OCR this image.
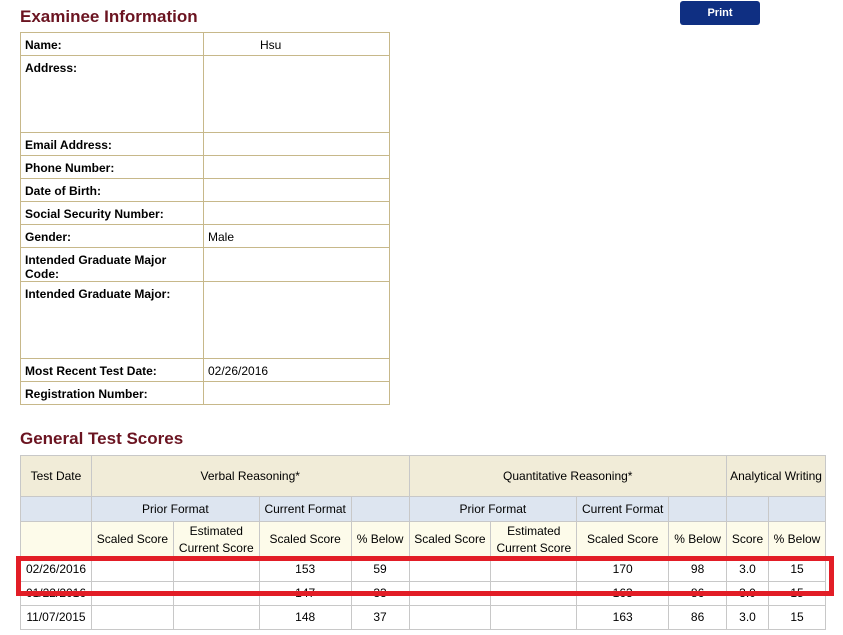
Examinee Information	Print
Name:	Hsu
Address:	
Email Address:	
Phone Number:	
Date of Birth:	
Social Security Number:	
Gender:	Male
Intended Graduate Major Code:	
Intended Graduate Major:	
Most Recent Test Date:	02/26/2016
Registration Number:	
General Test Scores
Test Date	Verbal Reasoning*				Quantitative Reasoning*				Analytical Writing	
	Prior Format		Current Format		Prior Format		Current Format			
	Scaled Score	Estimated Current Score	Scaled Score	% Below	Scaled Score	Estimated Current Score	Scaled Score	% Below	Score	% Below
02/26/2016			153	59			170	98	3.0	15
01/22/2016			147	33			163	86	3.0	15
11/07/2015			148	37			163	86	3.0	15
